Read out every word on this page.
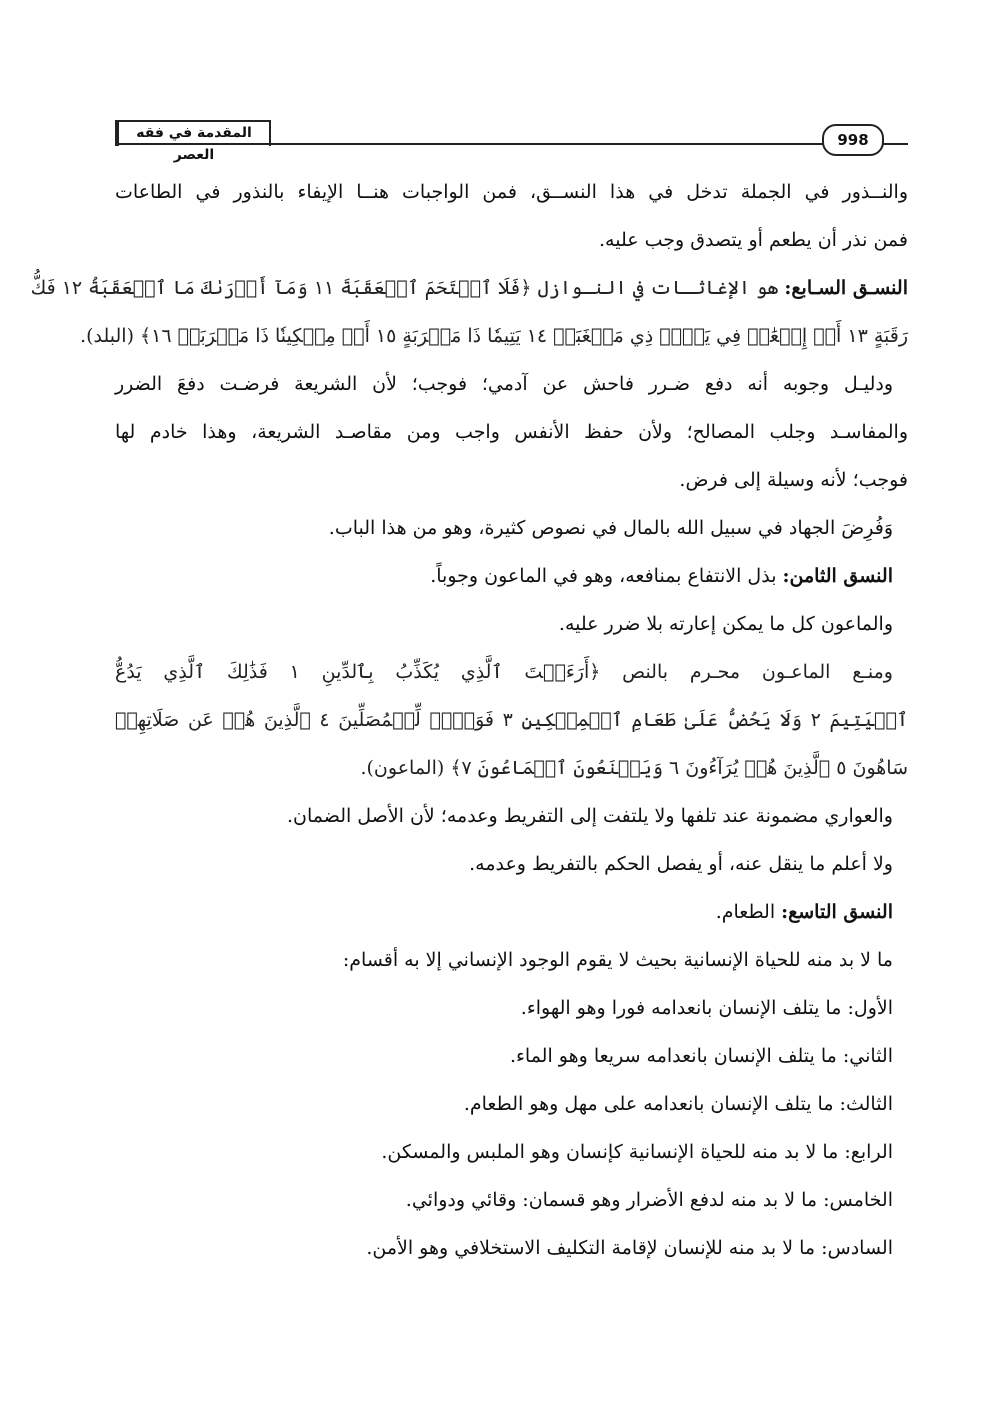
المقدمة في فقه العصر
998
والنــذور في الجملة تدخل في هذا النســق، فمن الواجبات هنــا الإيفاء بالنذور في الطاعات
فمن نذر أن يطعم أو يتصدق وجب عليه.
النسـق السـابع: هو الإغاثـات في النـوازل ﴿فَلَا ٱقۡتَحَمَ ٱلۡعَقَبَةَ ١١ وَمَآ أَدۡرَىٰكَ مَا ٱلۡعَقَبَةُ ١٢ فَكُّ
رَقَبَةٍ ١٣ أَوۡ إِطۡعَٰمٞ فِي يَوۡمٖ ذِي مَسۡغَبَةٖ ١٤ يَتِيمٗا ذَا مَقۡرَبَةٍ ١٥ أَوۡ مِسۡكِينٗا ذَا مَتۡرَبَةٖ ١٦﴾ (البلد).
ودليـل وجوبه أنه دفع ضـرر فاحش عن آدمي؛ فوجب؛ لأن الشريعة فرضـت دفعَ الضرر
والمفاسـد وجلب المصالح؛ ولأن حفظ الأنفس واجب ومن مقاصـد الشريعة، وهذا خادم لها
فوجب؛ لأنه وسيلة إلى فرض.
وَفُرِضَ الجهاد في سبيل الله بالمال في نصوص كثيرة، وهو من هذا الباب.
النسق الثامن: بذل الانتفاع بمنافعه، وهو في الماعون وجوباً.
والماعون كل ما يمكن إعارته بلا ضرر عليه.
ومنـع الماعـون محـرم بالنص ﴿أَرَءَيۡتَ ٱلَّذِي يُكَذِّبُ بِٱلدِّينِ ١ فَذَٰلِكَ ٱلَّذِي يَدُعُّ
ٱلۡيَتِيمَ ٢ وَلَا يَحُضُّ عَلَىٰ طَعَامِ ٱلۡمِسۡكِينِ ٣ فَوَيۡلٞ لِّلۡمُصَلِّينَ ٤ ٱلَّذِينَ هُمۡ عَن صَلَاتِهِمۡ
سَاهُونَ ٥ ٱلَّذِينَ هُمۡ يُرَآءُونَ ٦ وَيَمۡنَعُونَ ٱلۡمَاعُونَ ٧﴾ (الماعون).
والعواري مضمونة عند تلفها ولا يلتفت إلى التفريط وعدمه؛ لأن الأصل الضمان.
ولا أعلم ما ينقل عنه، أو يفصل الحكم بالتفريط وعدمه.
النسق التاسع: الطعام.
ما لا بد منه للحياة الإنسانية بحيث لا يقوم الوجود الإنساني إلا به أقسام:
الأول: ما يتلف الإنسان بانعدامه فورا وهو الهواء.
الثاني: ما يتلف الإنسان بانعدامه سريعا وهو الماء.
الثالث: ما يتلف الإنسان بانعدامه على مهل وهو الطعام.
الرابع: ما لا بد منه للحياة الإنسانية كإنسان وهو الملبس والمسكن.
الخامس: ما لا بد منه لدفع الأضرار وهو قسمان: وقائي ودوائي.
السادس: ما لا بد منه للإنسان لإقامة التكليف الاستخلافي وهو الأمن.
